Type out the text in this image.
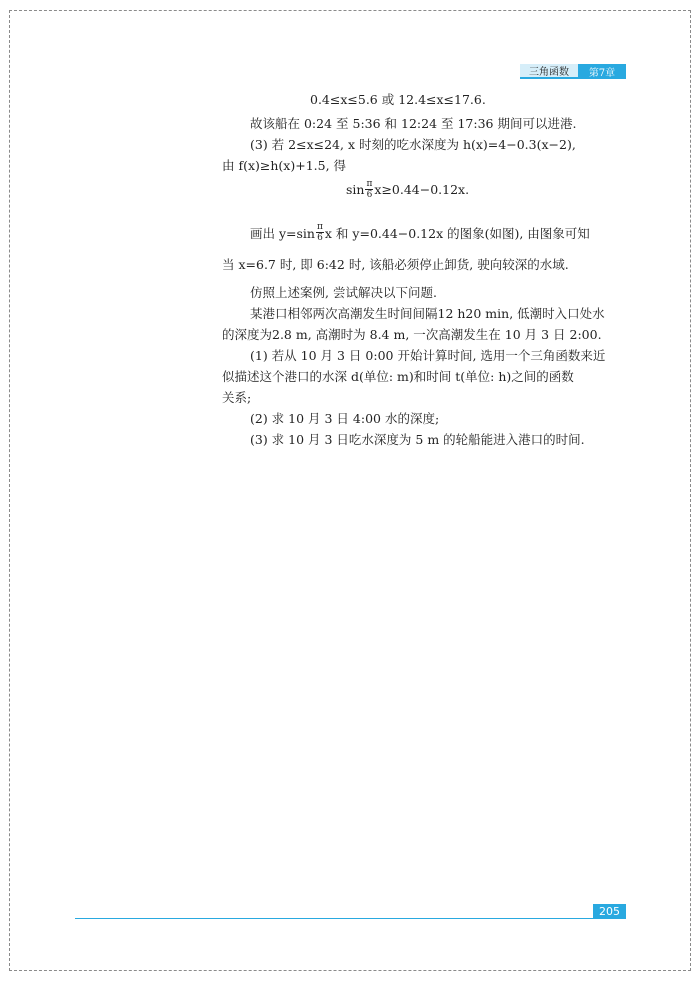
三角函数	第7章
0.4≤x≤5.6 或 12.4≤x≤17.6.
故该船在 0:24 至 5:36 和 12:24 至 17:36 期间可以进港.
(3) 若 2≤x≤24, x 时刻的吃水深度为 h(x)=4−0.3(x−2),
由 f(x)≥h(x)+1.5, 得
$\sin \frac{\pi}{6} x\ge 0.44-0.12x$.
画出 $y=\sin \frac{\pi}{6}$ x 和 y=0.44−0.12x 的图象(如图), 由图象可知
当 x=6.7 时, 即 6:42 时, 该船必须停止卸货, 驶向较深的水域.
仿照上述案例, 尝试解决以下问题.
某港口相邻两次高潮发生时间间隔12 h20 min, 低潮时入口处水
的深度为2.8 m, 高潮时为 8.4 m, 一次高潮发生在 10 月 3 日 2:00.
(1) 若从 10 月 3 日 0:00 开始计算时间, 选用一个三角函数来近
似描述这个港口的水深 d(单位: m)和时间 t(单位: h)之间的函数
关系;
(2) 求 10 月 3 日 4:00 水的深度;
(3) 求 10 月 3 日吃水深度为 5 m 的轮船能进入港口的时间.
205
